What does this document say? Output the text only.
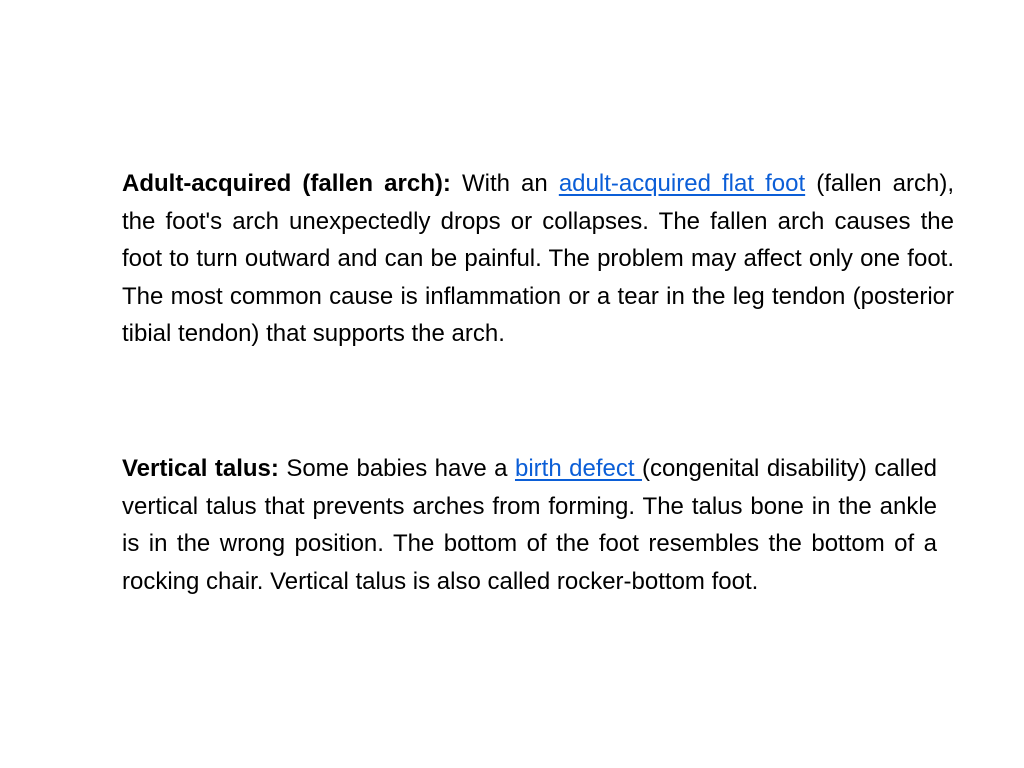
Adult-acquired (fallen arch): With an adult-acquired flat foot (fallen arch), the foot's arch unexpectedly drops or collapses. The fallen arch causes the foot to turn outward and can be painful. The problem may affect only one foot. The most common cause is inflammation or a tear in the leg tendon (posterior tibial tendon) that supports the arch.

Vertical talus: Some babies have a birth defect (congenital disability) called vertical talus that prevents arches from forming. The talus bone in the ankle is in the wrong position. The bottom of the foot resembles the bottom of a rocking chair. Vertical talus is also called rocker-bottom foot.
